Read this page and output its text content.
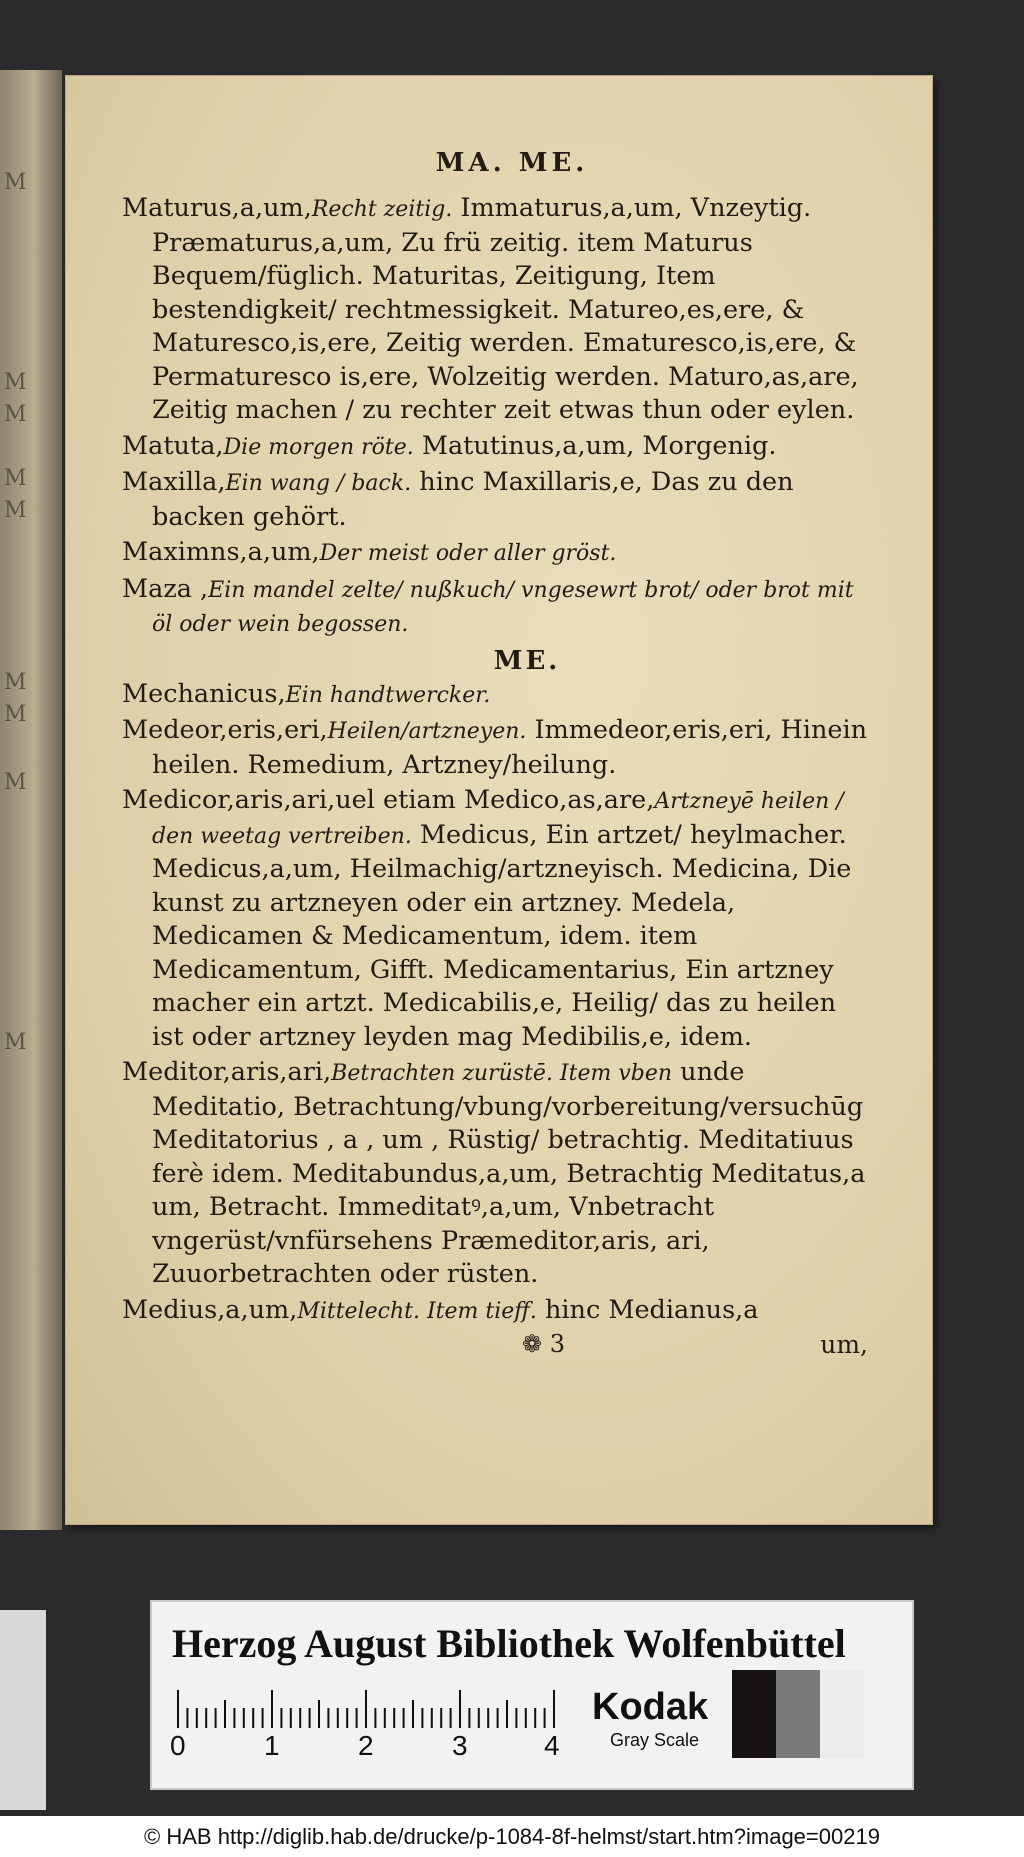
M
M
M
M
M
M
M
M
M
MA. ME.

Maturus,a,um,Recht zeitig. Immaturus,a,um, Vnzeytig. Præmaturus,a,um, Zu frü zeitig. item Maturus Bequem/füglich. Maturitas, Zeitigung, Item bestendigkeit/ rechtmessigkeit. Matureo,es,ere, & Maturesco,is,ere, Zeitig werden. Ematuresco,is,ere, & Permaturesco is,ere, Wolzeitig werden. Maturo,as,are, Zeitig machen / zu rechter zeit etwas thun oder eylen.

Matuta,Die morgen röte. Matutinus,a,um, Morgenig.

Maxilla,Ein wang / back. hinc Maxillaris,e, Das zu den backen gehört.

Maximns,a,um,Der meist oder aller gröst.

Maza ,Ein mandel zelte/ nußkuch/ vngesewrt brot/ oder brot mit öl oder wein begossen.

ME.

Mechanicus,Ein handtwercker.

Medeor,eris,eri,Heilen/artzneyen. Immedeor,eris,eri, Hinein heilen. Remedium, Artzney/heilung.

Medicor,aris,ari,uel etiam Medico,as,are,Artzneyē heilen / den weetag vertreiben. Medicus, Ein artzet/ heylmacher. Medicus,a,um, Heilmachig/artzneyisch. Medicina, Die kunst zu artzneyen oder ein artzney. Medela, Medicamen & Medicamentum, idem. item Medicamentum, Gifft. Medicamentarius, Ein artzney macher ein artzt. Medicabilis,e, Heilig/ das zu heilen ist oder artzney leyden mag Medibilis,e, idem.

Meditor,aris,ari,Betrachten zurüstē. Item vben unde Meditatio, Betrachtung/vbung/vorbereitung/versuchūg Meditatorius , a , um , Rüstig/ betrachtig. Meditatiuus ferè idem. Meditabundus,a,um, Betrachtig Meditatus,a um, Betracht. Immeditatꝰ,a,um, Vnbetracht vngerüst/vnfürsehens Præmeditor,aris, ari, Zuuorbetrachten oder rüsten.

Medius,a,um,Mittelecht. Item tieff. hinc Medianus,a

❁ 3	um,
Herzog August Bibliothek Wolfenbüttel
0	1	2	3	4
Kodak
Gray Scale
© HAB http://diglib.hab.de/drucke/p-1084-8f-helmst/start.htm?image=00219
